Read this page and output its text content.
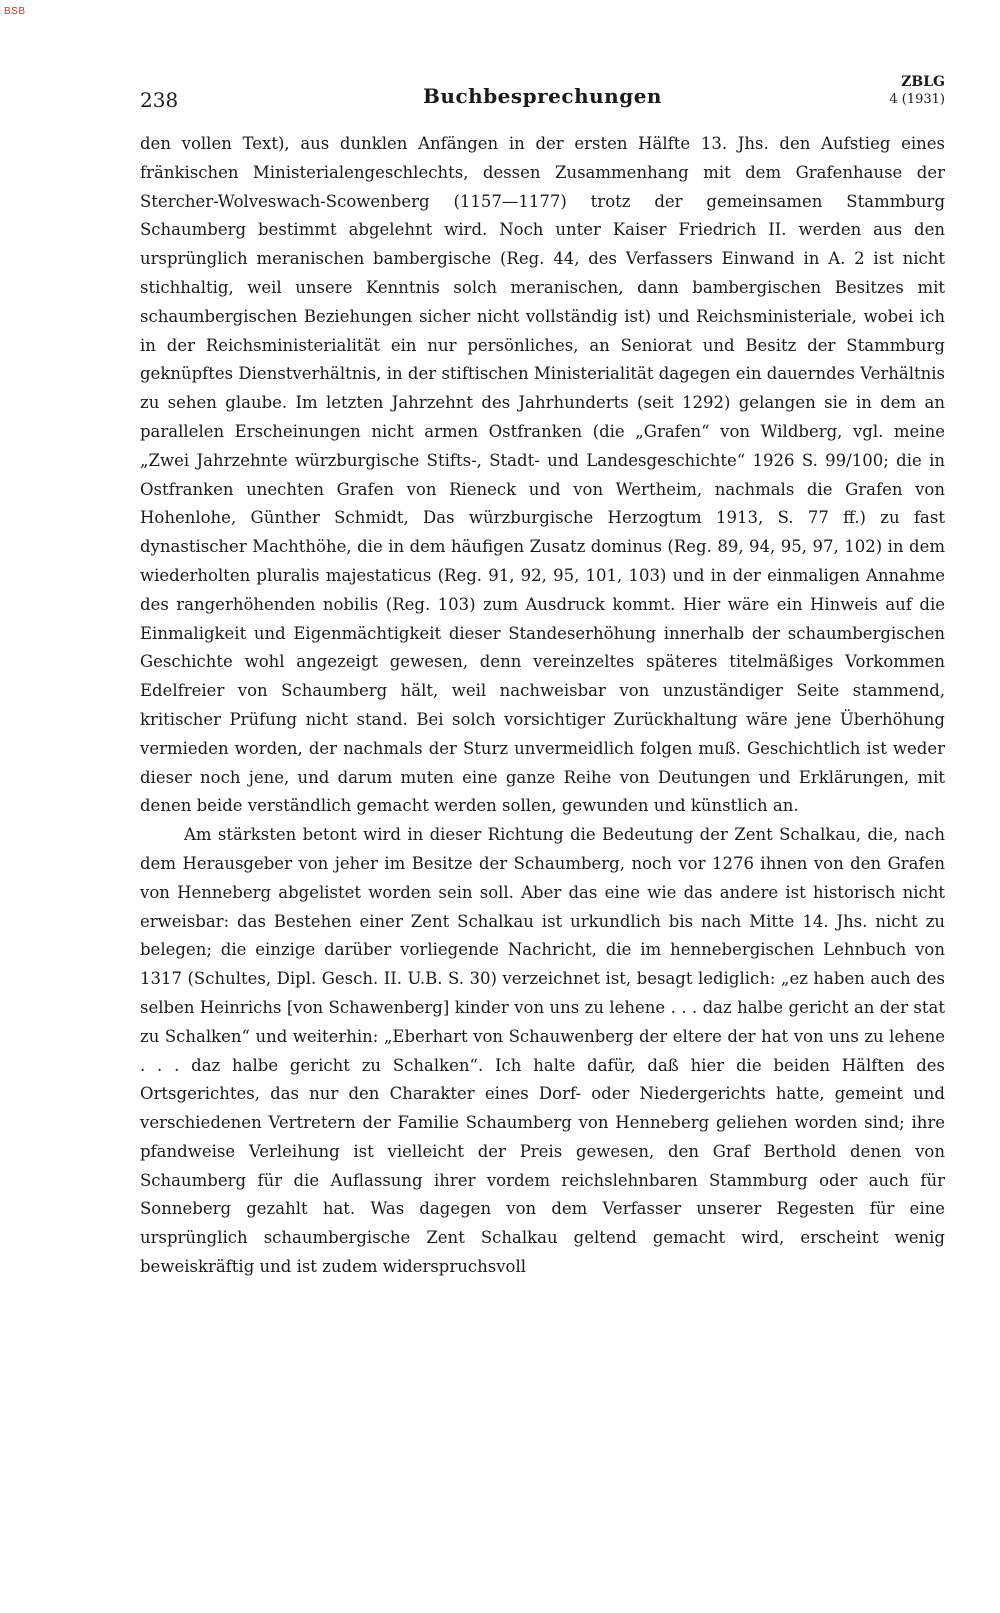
BSB
238	Buchbesprechungen
ZBLG
4 (1931)

den vollen Text), aus dunklen Anfängen in der ersten Hälfte 13. Jhs. den Aufstieg eines fränkischen Ministerialengeschlechts, dessen Zusammenhang mit dem Grafenhause der Stercher-Wolveswach-Scowenberg (1157—1177) trotz der gemeinsamen Stammburg Schaumberg bestimmt abgelehnt wird. Noch unter Kaiser Friedrich II. werden aus den ursprünglich meranischen bambergische (Reg. 44, des Verfassers Einwand in A. 2 ist nicht stichhaltig, weil unsere Kenntnis solch meranischen, dann bambergischen Besitzes mit schaumbergischen Beziehungen sicher nicht vollständig ist) und Reichsministeriale, wobei ich in der Reichsministerialität ein nur persönliches, an Seniorat und Besitz der Stammburg geknüpftes Dienstverhältnis, in der stiftischen Ministerialität dagegen ein dauerndes Verhältnis zu sehen glaube. Im letzten Jahrzehnt des Jahrhunderts (seit 1292) gelangen sie in dem an parallelen Erscheinungen nicht armen Ostfranken (die „Grafen“ von Wildberg, vgl. meine „Zwei Jahrzehnte würzburgische Stifts-, Stadt- und Landesgeschichte“ 1926 S. 99/100; die in Ostfranken unechten Grafen von Rieneck und von Wertheim, nachmals die Grafen von Hohenlohe, Günther Schmidt, Das würzburgische Herzogtum 1913, S. 77 ff.) zu fast dynastischer Machthöhe, die in dem häufigen Zusatz dominus (Reg. 89, 94, 95, 97, 102) in dem wiederholten pluralis majestaticus (Reg. 91, 92, 95, 101, 103) und in der einmaligen Annahme des rangerhöhenden nobilis (Reg. 103) zum Ausdruck kommt. Hier wäre ein Hinweis auf die Einmaligkeit und Eigenmächtigkeit dieser Standeserhöhung innerhalb der schaumbergischen Geschichte wohl angezeigt gewesen, denn vereinzeltes späteres titelmäßiges Vorkommen Edelfreier von Schaumberg hält, weil nachweisbar von unzuständiger Seite stammend, kritischer Prüfung nicht stand. Bei solch vorsichtiger Zurückhaltung wäre jene Überhöhung vermieden worden, der nachmals der Sturz unvermeidlich folgen muß. Geschichtlich ist weder dieser noch jene, und darum muten eine ganze Reihe von Deutungen und Erklärungen, mit denen beide verständlich gemacht werden sollen, gewunden und künstlich an.

Am stärksten betont wird in dieser Richtung die Bedeutung der Zent Schalkau, die, nach dem Herausgeber von jeher im Besitze der Schaumberg, noch vor 1276 ihnen von den Grafen von Henneberg abgelistet worden sein soll. Aber das eine wie das andere ist historisch nicht erweisbar: das Bestehen einer Zent Schalkau ist urkundlich bis nach Mitte 14. Jhs. nicht zu belegen; die einzige darüber vorliegende Nachricht, die im hennebergischen Lehnbuch von 1317 (Schultes, Dipl. Gesch. II. U.B. S. 30) verzeichnet ist, besagt lediglich: „ez haben auch des selben Heinrichs [von Schawenberg] kinder von uns zu lehene . . . daz halbe gericht an der stat zu Schalken“ und weiterhin: „Eberhart von Schauwenberg der eltere der hat von uns zu lehene . . . daz halbe gericht zu Schalken“. Ich halte dafür, daß hier die beiden Hälften des Ortsgerichtes, das nur den Charakter eines Dorf- oder Niedergerichts hatte, gemeint und verschiedenen Vertretern der Familie Schaumberg von Henneberg geliehen worden sind; ihre pfandweise Verleihung ist vielleicht der Preis gewesen, den Graf Berthold denen von Schaumberg für die Auflassung ihrer vordem reichslehnbaren Stammburg oder auch für Sonneberg gezahlt hat. Was dagegen von dem Verfasser unserer Regesten für eine ursprünglich schaumbergische Zent Schalkau geltend gemacht wird, erscheint wenig beweiskräftig und ist zudem widerspruchsvoll
